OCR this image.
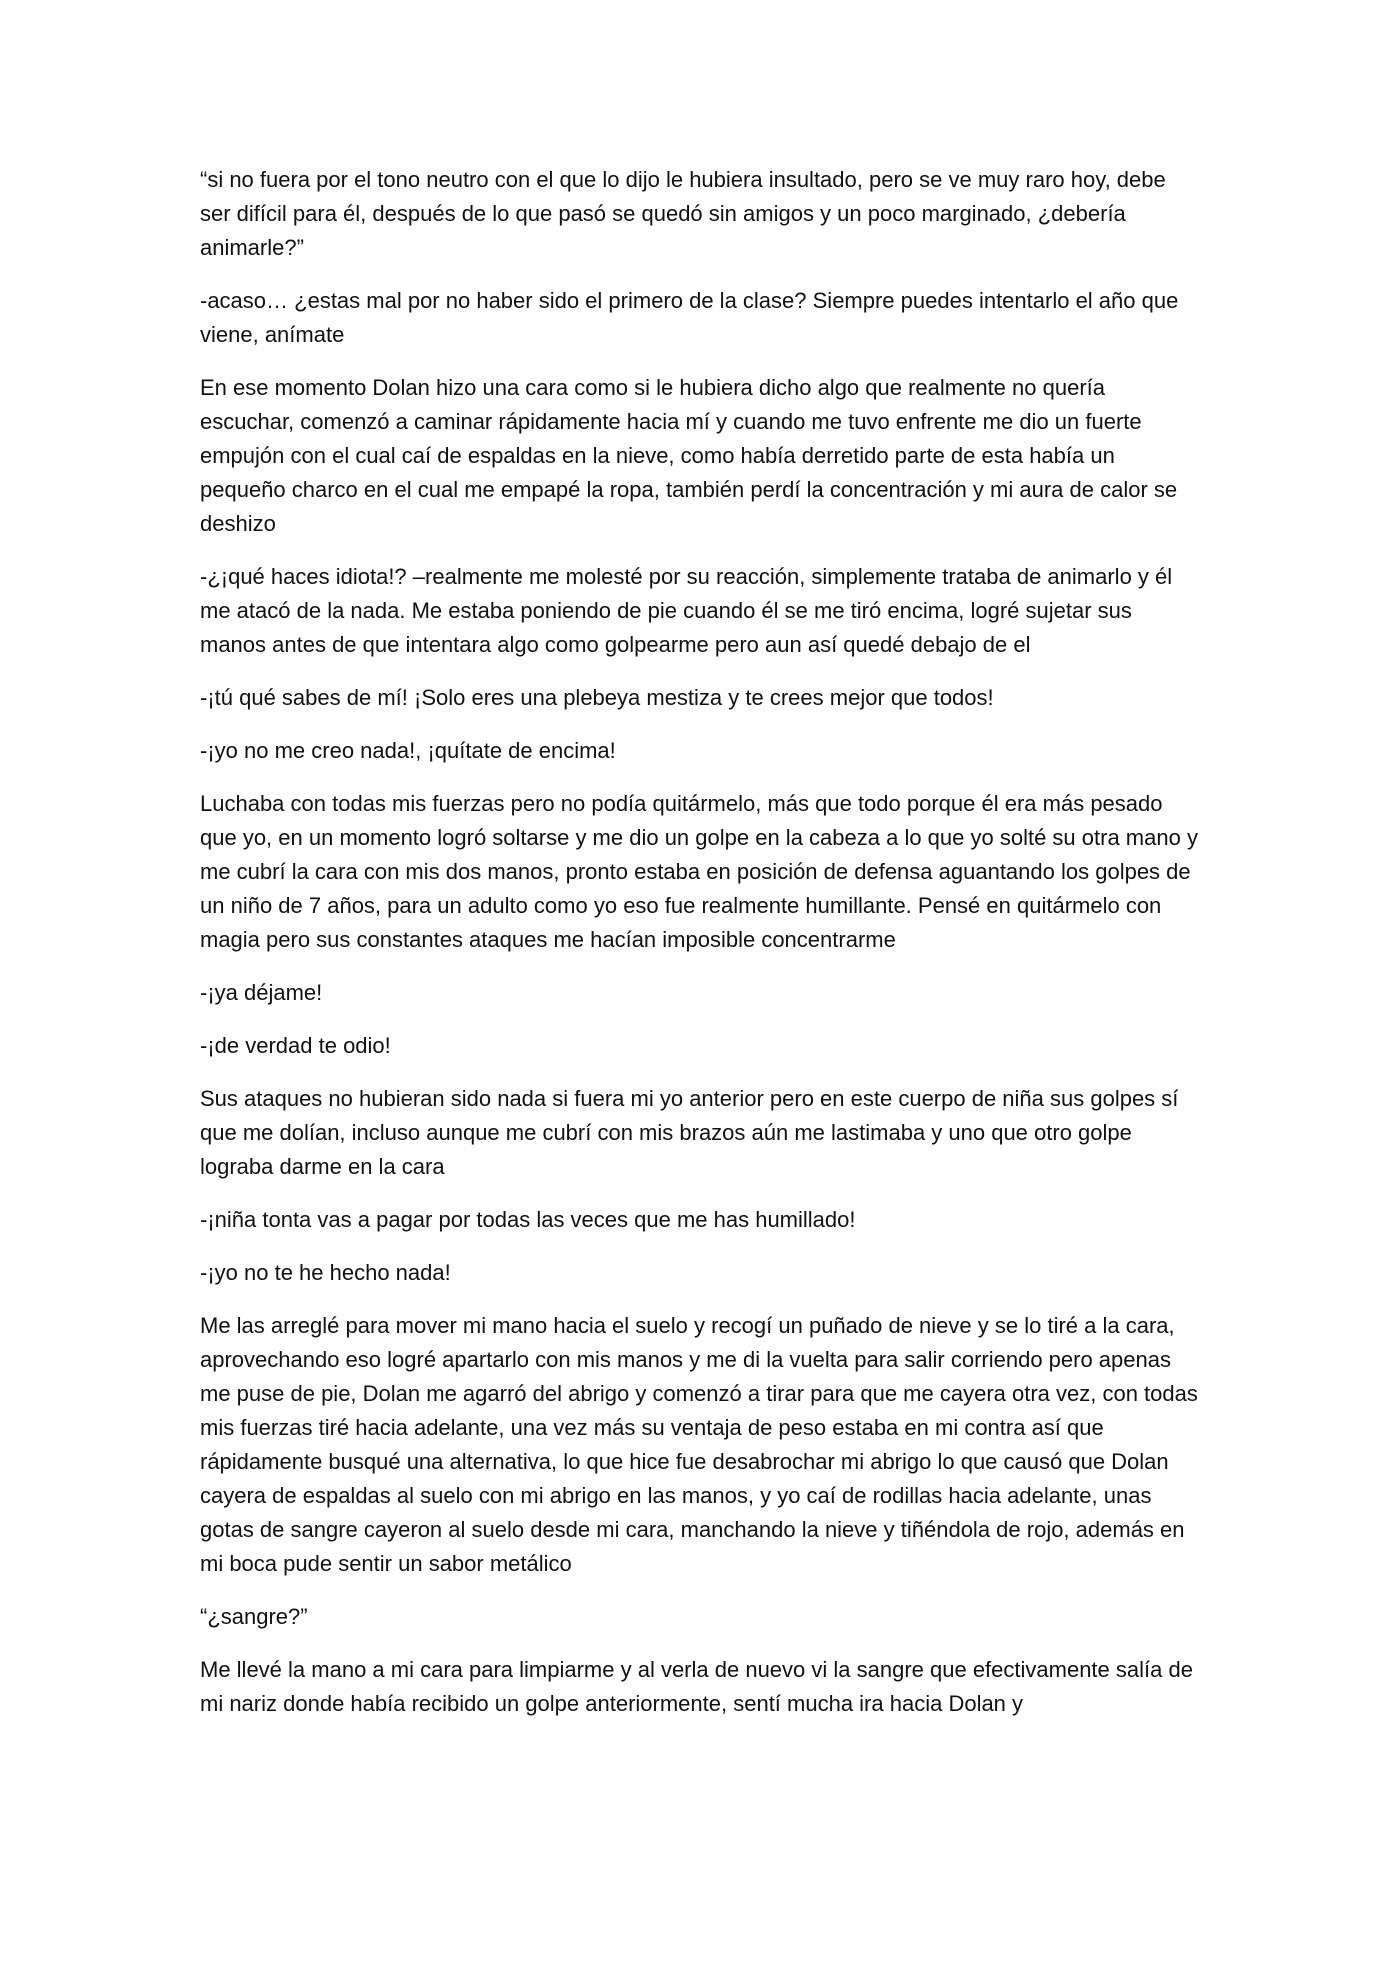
“si no fuera por el tono neutro con el que lo dijo le hubiera insultado, pero se ve muy raro hoy, debe ser difícil para él, después de lo que pasó se quedó sin amigos y un poco marginado, ¿debería animarle?”

-acaso… ¿estas mal por no haber sido el primero de la clase? Siempre puedes intentarlo el año que viene, anímate

En ese momento Dolan hizo una cara como si le hubiera dicho algo que realmente no quería escuchar, comenzó a caminar rápidamente hacia mí y cuando me tuvo enfrente me dio un fuerte empujón con el cual caí de espaldas en la nieve, como había derretido parte de esta había un pequeño charco en el cual me empapé la ropa, también perdí la concentración y mi aura de calor se deshizo

-¿¡qué haces idiota!? –realmente me molesté por su reacción, simplemente trataba de animarlo y él me atacó de la nada. Me estaba poniendo de pie cuando él se me tiró encima, logré sujetar sus manos antes de que intentara algo como golpearme pero aun así quedé debajo de el

-¡tú qué sabes de mí! ¡Solo eres una plebeya mestiza y te crees mejor que todos!

-¡yo no me creo nada!, ¡quítate de encima!

Luchaba con todas mis fuerzas pero no podía quitármelo, más que todo porque él era más pesado que yo, en un momento logró soltarse y me dio un golpe en la cabeza a lo que yo solté su otra mano y me cubrí la cara con mis dos manos, pronto estaba en posición de defensa aguantando los golpes de un niño de 7 años, para un adulto como yo eso fue realmente humillante. Pensé en quitármelo con magia pero sus constantes ataques me hacían imposible concentrarme

-¡ya déjame!

-¡de verdad te odio!

Sus ataques no hubieran sido nada si fuera mi yo anterior pero en este cuerpo de niña sus golpes sí que me dolían, incluso aunque me cubrí con mis brazos aún me lastimaba y uno que otro golpe lograba darme en la cara

-¡niña tonta vas a pagar por todas las veces que me has humillado!

-¡yo no te he hecho nada!

Me las arreglé para mover mi mano hacia el suelo y recogí un puñado de nieve y se lo tiré a la cara, aprovechando eso logré apartarlo con mis manos y me di la vuelta para salir corriendo pero apenas me puse de pie, Dolan me agarró del abrigo y comenzó a tirar para que me cayera otra vez, con todas mis fuerzas tiré hacia adelante, una vez más su ventaja de peso estaba en mi contra así que rápidamente busqué una alternativa, lo que hice fue desabrochar mi abrigo lo que causó que Dolan cayera de espaldas al suelo con mi abrigo en las manos, y yo caí de rodillas hacia adelante, unas gotas de sangre cayeron al suelo desde mi cara, manchando la nieve y tiñéndola de rojo, además en mi boca pude sentir un sabor metálico

“¿sangre?”

Me llevé la mano a mi cara para limpiarme y al verla de nuevo vi la sangre que efectivamente salía de mi nariz donde había recibido un golpe anteriormente, sentí mucha ira hacia Dolan y
